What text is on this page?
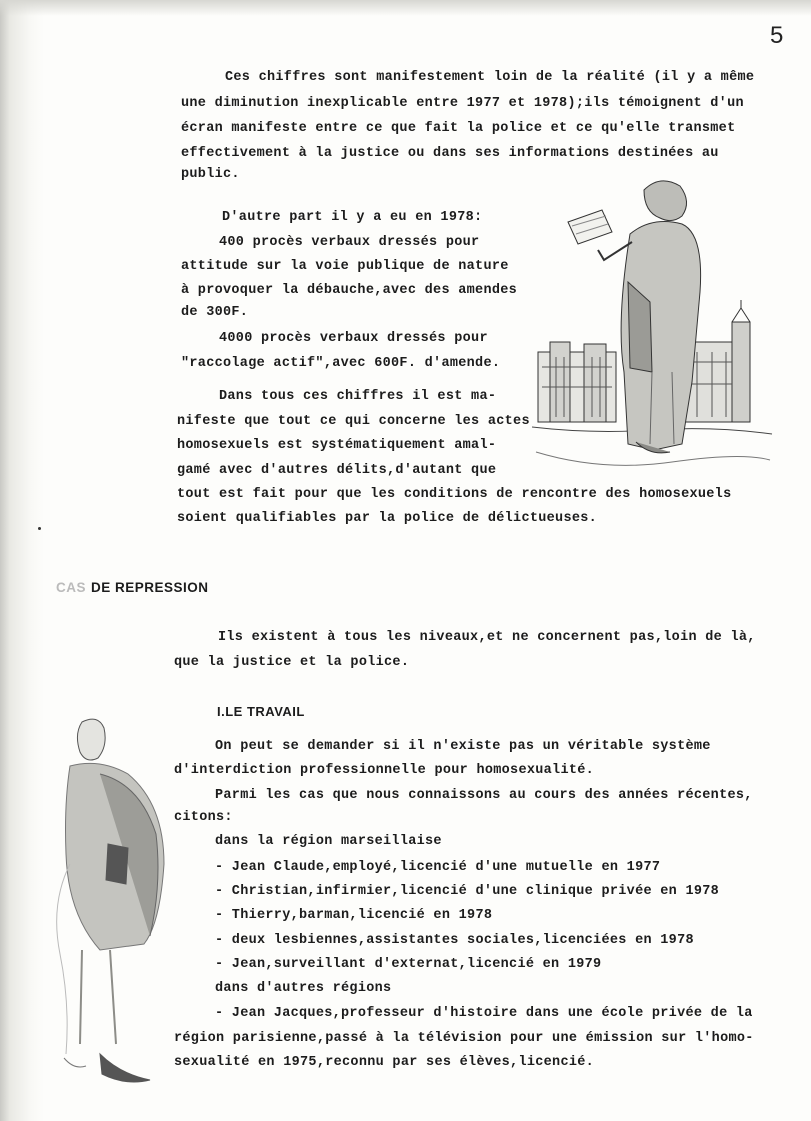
5
Ces chiffres sont manifestement loin de la réalité (il y a même
une diminution inexplicable entre 1977 et 1978);ils témoignent d'un
écran manifeste entre ce que fait la police et ce qu'elle transmet
effectivement à la justice ou dans ses informations destinées au
public.
D'autre part il y a eu en 1978:
400 procès verbaux dressés pour
attitude sur la voie publique de nature
à provoquer la débauche,avec des amendes
de 300F.
4000 procès verbaux dressés pour
"raccolage actif",avec 600F. d'amende.
Dans tous ces chiffres il est ma-
nifeste que tout ce qui concerne les actes
homosexuels est systématiquement amal-
gamé avec d'autres délits,d'autant que
tout est fait pour que les conditions de rencontre des homosexuels
soient qualifiables par la police de délictueuses.
CAS DE REPRESSION
Ils existent à tous les niveaux,et ne concernent pas,loin de là,
que la justice et la police.
I.LE TRAVAIL
On peut se demander si il n'existe pas un véritable système
d'interdiction professionnelle pour homosexualité.
Parmi les cas que nous connaissons au cours des années récentes,
citons:
dans la région marseillaise
- Jean Claude,employé,licencié d'une mutuelle en 1977
- Christian,infirmier,licencié d'une clinique privée en 1978
- Thierry,barman,licencié en 1978
- deux lesbiennes,assistantes sociales,licenciées en 1978
- Jean,surveillant d'externat,licencié en 1979
dans d'autres régions
- Jean Jacques,professeur d'histoire dans une école privée de la
région parisienne,passé à la télévision pour une émission sur l'homo-
sexualité en 1975,reconnu par ses élèves,licencié.
